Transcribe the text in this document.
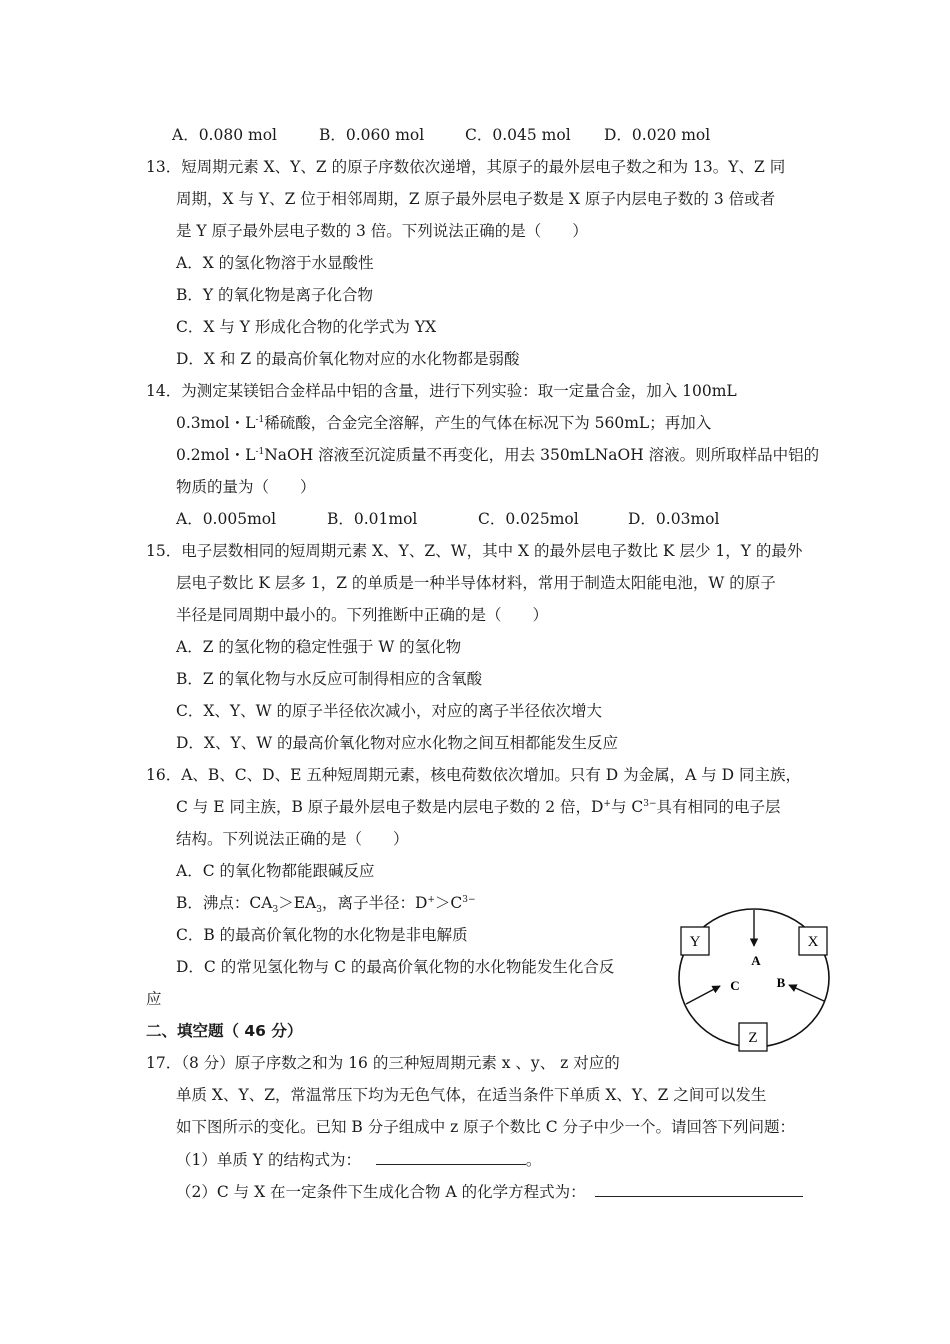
A．0.080 mol	B．0.060 mol	C．0.045 mol D．0.020 mol
13．短周期元素 X、Y、Z 的原子序数依次递增，其原子的最外层电子数之和为 13。Y、Z 同
周期，X 与 Y、Z 位于相邻周期，Z 原子最外层电子数是 X 原子内层电子数的 3 倍或者
是 Y 原子最外层电子数的 3 倍。下列说法正确的是（　　）
A．X 的氢化物溶于水显酸性
B．Y 的氧化物是离子化合物
C．X 与 Y 形成化合物的化学式为 YX
D．X 和 Z 的最高价氧化物对应的水化物都是弱酸
14．为测定某镁铝合金样品中铝的含量，进行下列实验：取一定量合金，加入 100mL
0.3mol・$L^{-1}$稀硫酸，合金完全溶解，产生的气体在标况下为 560mL；再加入
0.2mol・$L^{-1}NaOH$ 溶液至沉淀质量不再变化，用去 350mLNaOH 溶液。则所取样品中铝的
物质的量为（　　）
A．0.005mol	B．0.01mol	C．0.025mol	D．0.03mol
15．电子层数相同的短周期元素 X、Y、Z、W，其中 X 的最外层电子数比 K 层少 1，Y 的最外
层电子数比 K 层多 1，Z 的单质是一种半导体材料，常用于制造太阳能电池，W 的原子
半径是同周期中最小的。下列推断中正确的是（　　）
A．Z 的氢化物的稳定性强于 W 的氢化物
B．Z 的氧化物与水反应可制得相应的含氧酸
C．X、Y、W 的原子半径依次减小，对应的离子半径依次增大
D．X、Y、W 的最高价氧化物对应水化物之间互相都能发生反应
16．A、B、C、D、E 五种短周期元素，核电荷数依次增加。只有 D 为金属，A 与 D 同主族，
C 与 E 同主族，B 原子最外层电子数是内层电子数的 2 倍，D+与 $C^{3-}$具有相同的电子层
结构。下列说法正确的是（　　）
A．C 的氧化物都能跟碱反应
B．沸点：$CA_3>EA_3$，离子半径：$D^+>C^{3-}$
C．B 的最高价氧化物的水化物是非电解质
D．C 的常见氢化物与 C 的最高价氧化物的水化物能发生化合反
应
二、填空题（ 46 分）
17．（8 分）原子序数之和为 16 的三种短周期元素 x 、y、 z 对应的
单质 X、Y、Z，常温常压下均为无色气体，在适当条件下单质 X、Y、Z 之间可以发生
如下图所示的变化。已知 B 分子组成中 z 原子个数比 C 分子中少一个。请回答下列问题：
（1）单质 Y 的结构式为：	。
（2）C 与 X 在一定条件下生成化合物 A 的化学方程式为：
Y	X
Z
A
C	B
